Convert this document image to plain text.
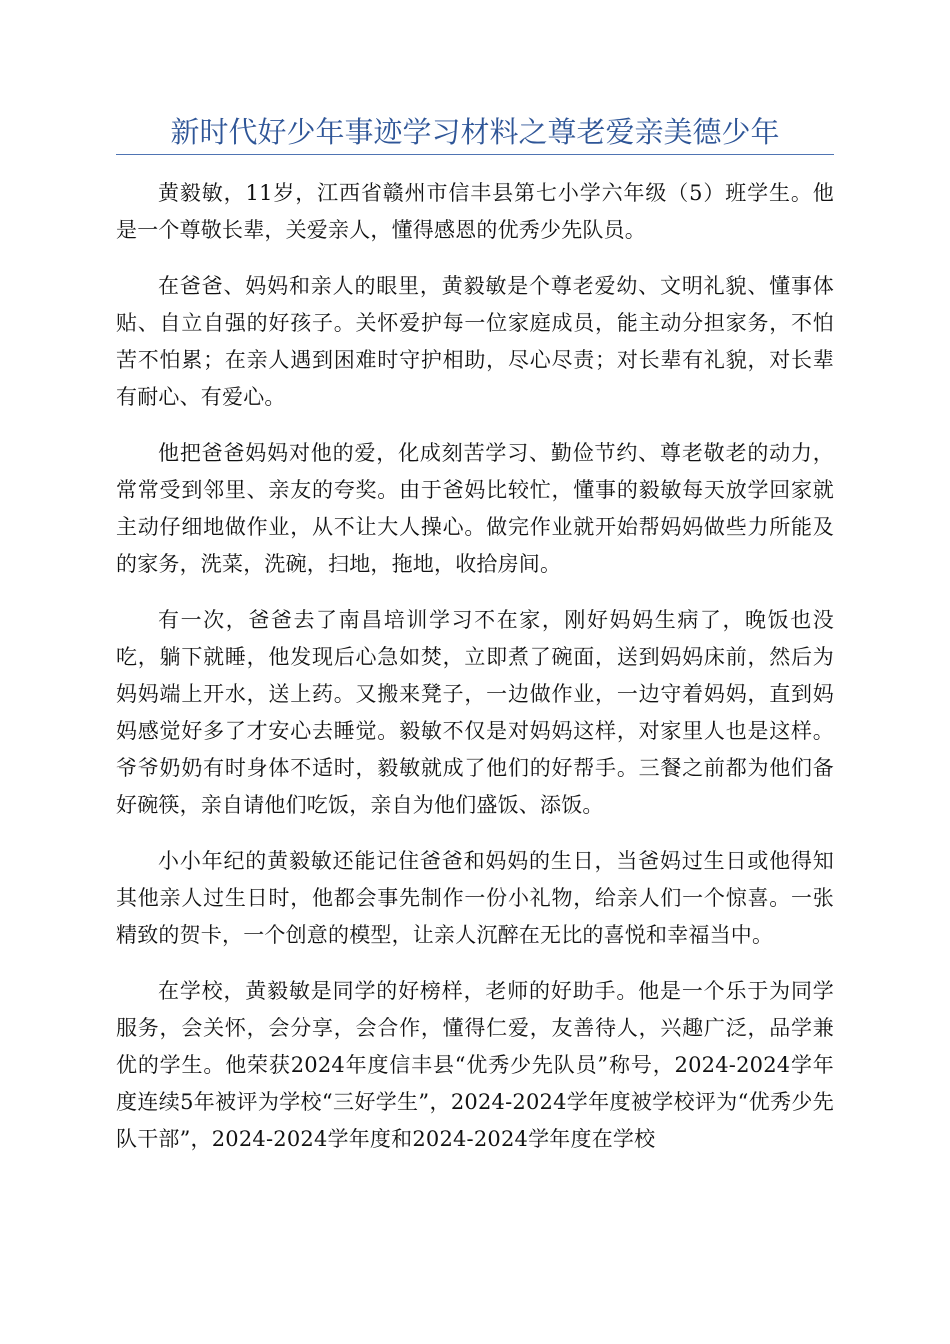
新时代好少年事迹学习材料之尊老爱亲美德少年

黄毅敏，11岁，江西省赣州市信丰县第七小学六年级（5）班学生。他是一个尊敬长辈，关爱亲人，懂得感恩的优秀少先队员。

在爸爸、妈妈和亲人的眼里，黄毅敏是个尊老爱幼、文明礼貌、懂事体贴、自立自强的好孩子。关怀爱护每一位家庭成员，能主动分担家务，不怕苦不怕累；在亲人遇到困难时守护相助，尽心尽责；对长辈有礼貌，对长辈有耐心、有爱心。

他把爸爸妈妈对他的爱，化成刻苦学习、勤俭节约、尊老敬老的动力，常常受到邻里、亲友的夸奖。由于爸妈比较忙，懂事的毅敏每天放学回家就主动仔细地做作业，从不让大人操心。做完作业就开始帮妈妈做些力所能及的家务，洗菜，洗碗，扫地，拖地，收拾房间。

有一次，爸爸去了南昌培训学习不在家，刚好妈妈生病了，晚饭也没吃，躺下就睡，他发现后心急如焚，立即煮了碗面，送到妈妈床前，然后为妈妈端上开水，送上药。又搬来凳子，一边做作业，一边守着妈妈，直到妈妈感觉好多了才安心去睡觉。毅敏不仅是对妈妈这样，对家里人也是这样。爷爷奶奶有时身体不适时，毅敏就成了他们的好帮手。三餐之前都为他们备好碗筷，亲自请他们吃饭，亲自为他们盛饭、添饭。

小小年纪的黄毅敏还能记住爸爸和妈妈的生日，当爸妈过生日或他得知其他亲人过生日时，他都会事先制作一份小礼物，给亲人们一个惊喜。一张精致的贺卡，一个创意的模型，让亲人沉醉在无比的喜悦和幸福当中。

在学校，黄毅敏是同学的好榜样，老师的好助手。他是一个乐于为同学服务，会关怀，会分享，会合作，懂得仁爱，友善待人，兴趣广泛，品学兼优的学生。他荣获2024年度信丰县“优秀少先队员”称号，2024-2024学年度连续5年被评为学校“三好学生”，2024-2024学年度被学校评为“优秀少先队干部”，2024-2024学年度和2024-2024学年度在学校
